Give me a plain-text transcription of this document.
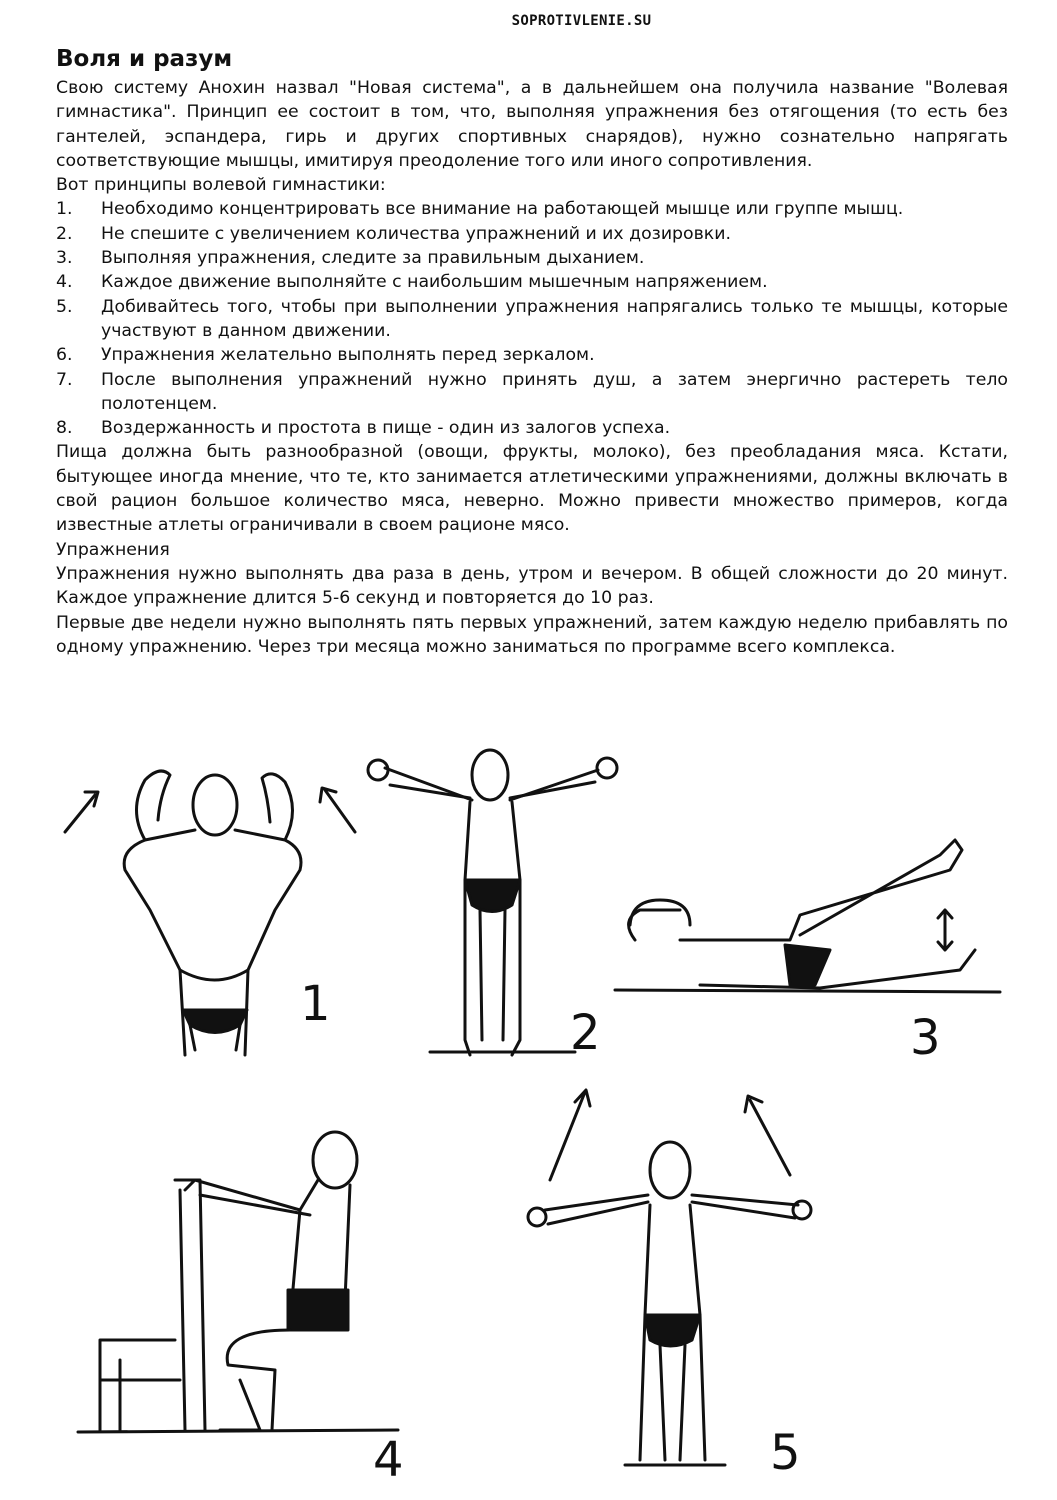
SOPROTIVLENIE.SU
Воля и разум

Свою систему Анохин назвал "Новая система", а в дальнейшем она получила название "Волевая гимнастика". Принцип ее состоит в том, что, выполняя упражнения без отягощения (то есть без гантелей, эспандера, гирь и других спортивных снарядов), нужно сознательно напрягать соответствующие мышцы, имитируя преодоление того или иного сопротивления.

Вот принципы волевой гимнастики:

1.	Необходимо концентрировать все внимание на работающей мышце или группе мышц.
2.	Не спешите с увеличением количества упражнений и их дозировки.
3.	Выполняя упражнения, следите за правильным дыханием.
4.	Каждое движение выполняйте с наибольшим мышечным напряжением.
5.	Добивайтесь того, чтобы при выполнении упражнения напрягались только те мышцы, которые участвуют в данном движении.
6.	Упражнения желательно выполнять перед зеркалом.
7.	После выполнения упражнений нужно принять душ, а затем энергично растереть тело полотенцем.
8.	Воздержанность и простота в пище - один из залогов успеха.

Пища должна быть разнообразной (овощи, фрукты, молоко), без преобладания мяса. Кстати, бытующее иногда мнение, что те, кто занимается атлетическими упражнениями, должны включать в свой рацион большое количество мяса, неверно. Можно привести множество примеров, когда известные атлеты ограничивали в своем рационе мясо.

Упражнения

Упражнения нужно выполнять два раза в день, утром и вечером. В общей сложности до 20 минут. Каждое упражнение длится 5-6 секунд и повторяется до 10 раз.

Первые две недели нужно выполнять пять первых упражнений, затем каждую неделю прибавлять по одному упражнению. Через три месяца можно заниматься по программе всего комплекса.

1
2	3
4	5
